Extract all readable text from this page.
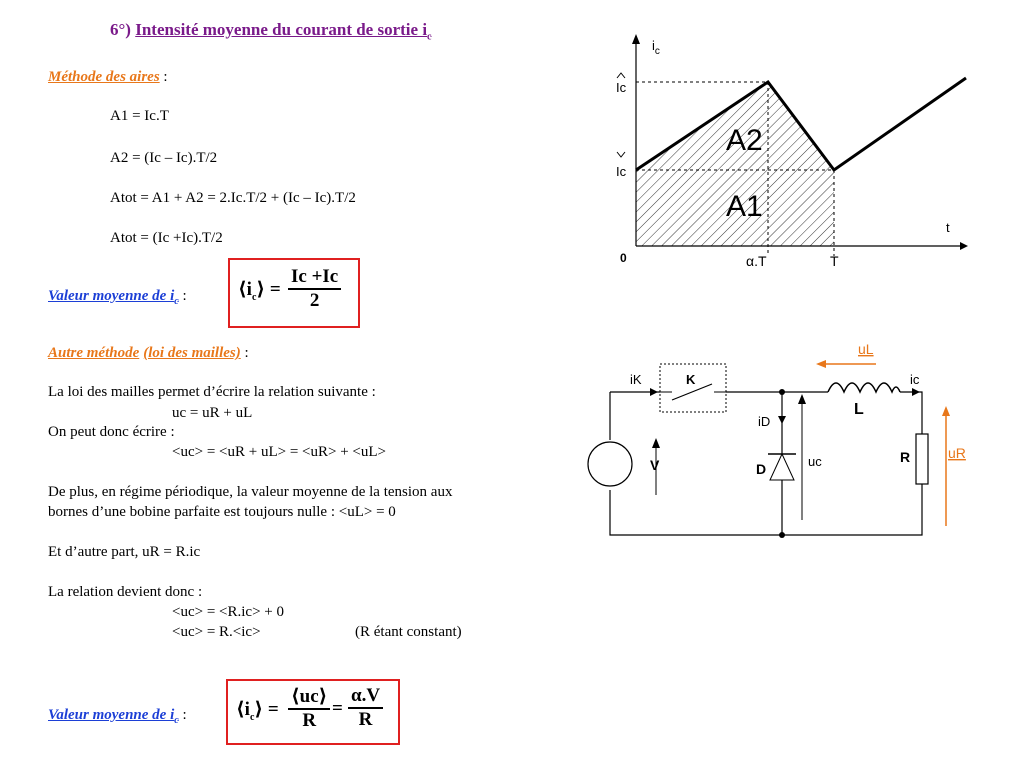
6°) Intensité moyenne du courant de sortie $i_c$
Méthode des aires :
A1 = Ic.T
A2 = (Ic – Ic).T/2
Atot = A1 + A2 = 2.Ic.T/2 + (Ic – Ic).T/2
Atot = (Ic +Ic).T/2
Valeur moyenne de $i_c$ :	$⟨i_c⟩ = \frac{Ic +Ic}{2}$
Autre méthode (loi des mailles) :
La loi des mailles permet d’écrire la relation suivante :
uc = uR + uL
On peut donc écrire :
<uc> = <uR + uL> = <uR> + <uL>
De plus, en régime périodique, la valeur moyenne de la tension aux
bornes d’une bobine parfaite est toujours nulle : <uL> = 0
Et d’autre part, uR = R.ic
La relation devient donc :
<uc> = <R.ic> + 0
<uc> = R.<ic>	(R étant constant)
Valeur moyenne de $i_c$ :	$⟨i_c⟩ = \frac{⟨uc⟩}{R} = \frac{\alpha.V}{R}$
$i_c$
Ic
Ic
A2
A1
t
0	α.T	T
iK	K
V
iD
D	uc
L
uL
ic
R	uR
